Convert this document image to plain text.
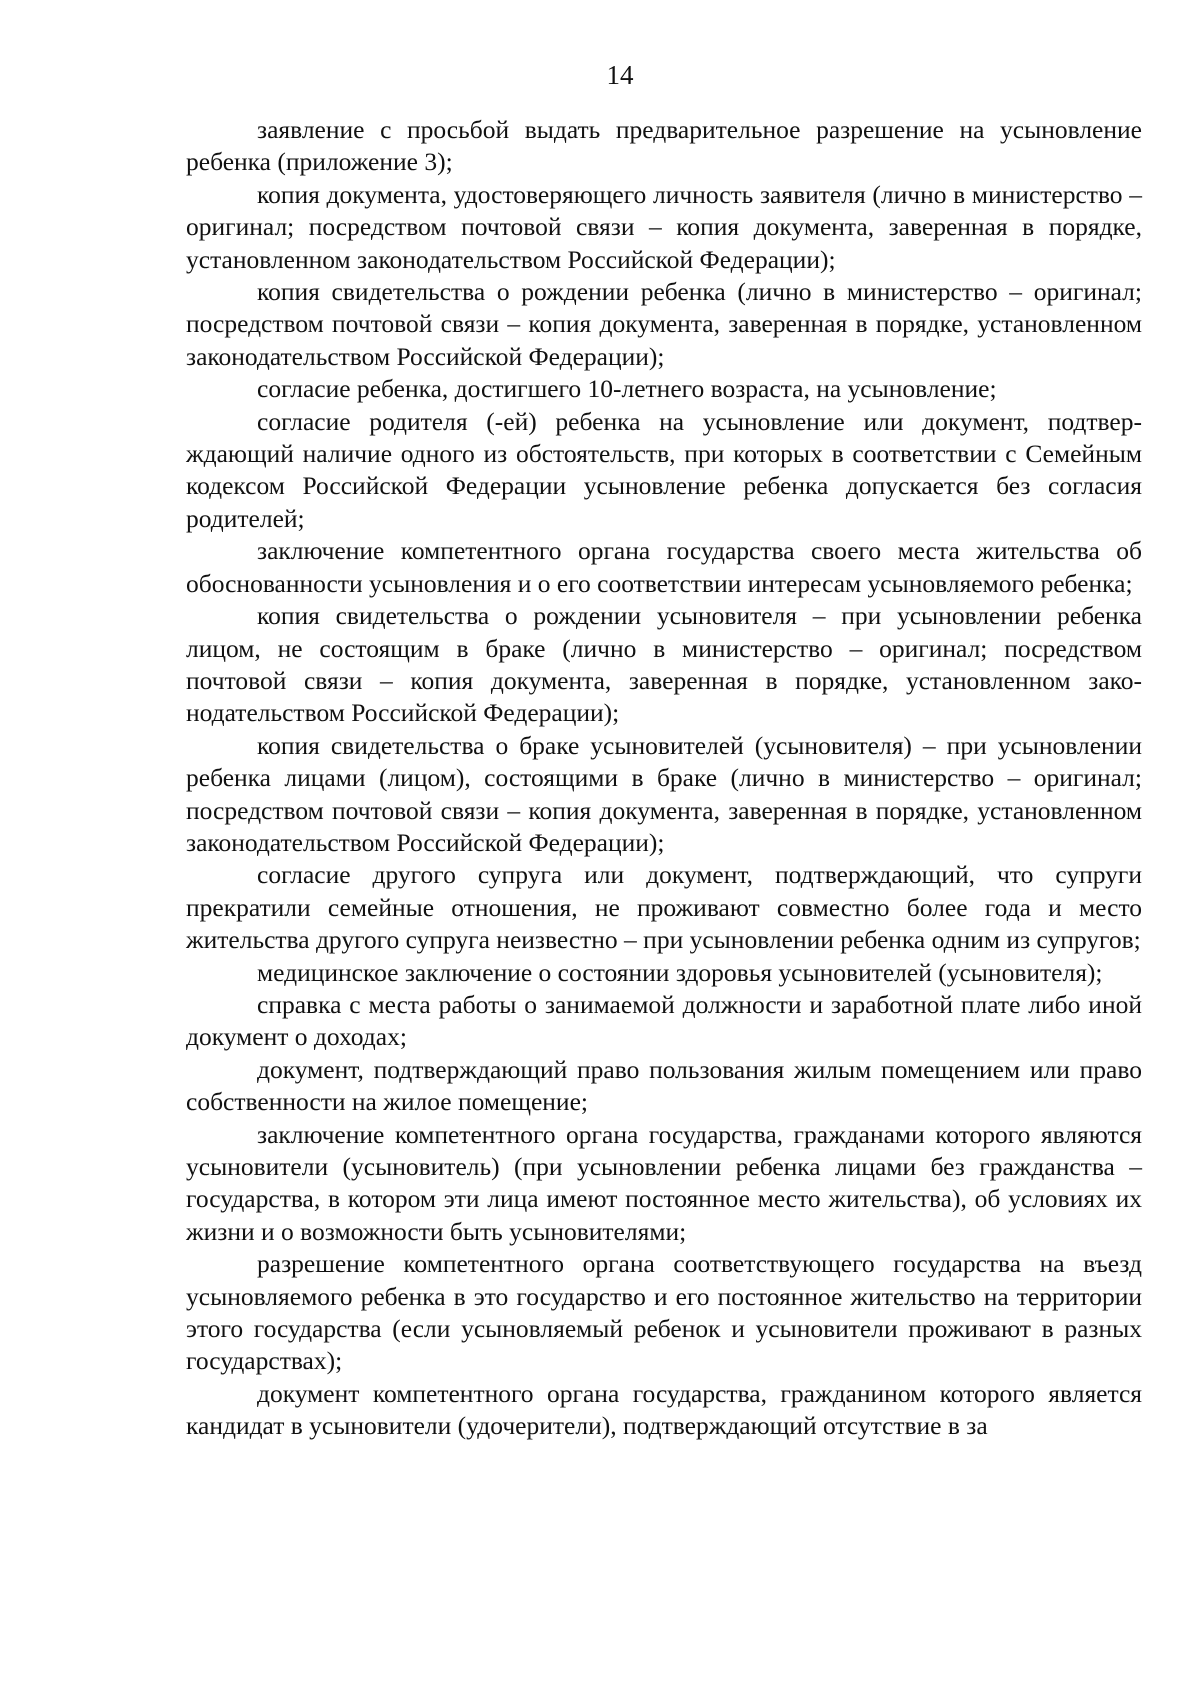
14

заявление с просьбой выдать предварительное разрешение на усыновление ребенка (приложение 3);

копия документа, удостоверяющего личность заявителя (лично в министерство – оригинал; посредством почтовой связи – копия документа, заверенная в порядке, установленном законодательством Российской Федерации);

копия свидетельства о рождении ребенка (лично в министерство – оригинал; посредством почтовой связи – копия документа, заверенная в порядке, установленном законодательством Российской Федерации);

согласие ребенка, достигшего 10-летнего возраста, на усыновление;

согласие родителя (-ей) ребенка на усыновление или документ, подтверждающий наличие одного из обстоятельств, при которых в соответствии с Семейным кодексом Российской Федерации усыновление ребенка допускается без согласия родителей;

заключение компетентного органа государства своего места жительства об обоснованности усыновления и о его соответствии интересам усыновляемого ребенка;

копия свидетельства о рождении усыновителя – при усыновлении ребенка лицом, не состоящим в браке (лично в министерство – оригинал; посредством почтовой связи – копия документа, заверенная в порядке, установленном законодательством Российской Федерации);

копия свидетельства о браке усыновителей (усыновителя) – при усыновлении ребенка лицами (лицом), состоящими в браке (лично в министерство – оригинал; посредством почтовой связи – копия документа, заверенная в порядке, установленном законодательством Российской Федерации);

согласие другого супруга или документ, подтверждающий, что супруги прекратили семейные отношения, не проживают совместно более года и место жительства другого супруга неизвестно – при усыновлении ребенка одним из супругов;

медицинское заключение о состоянии здоровья усыновителей (усыновителя);

справка с места работы о занимаемой должности и заработной плате либо иной документ о доходах;

документ, подтверждающий право пользования жилым помещением или право собственности на жилое помещение;

заключение компетентного органа государства, гражданами которого являются усыновители (усыновитель) (при усыновлении ребенка лицами без гражданства – государства, в котором эти лица имеют постоянное место жительства), об условиях их жизни и о возможности быть усыновителями;

разрешение компетентного органа соответствующего государства на въезд усыновляемого ребенка в это государство и его постоянное жительство на территории этого государства (если усыновляемый ребенок и усыновители проживают в разных государствах);

документ компетентного органа государства, гражданином которого является кандидат в усыновители (удочерители), подтверждающий отсутствие в за
